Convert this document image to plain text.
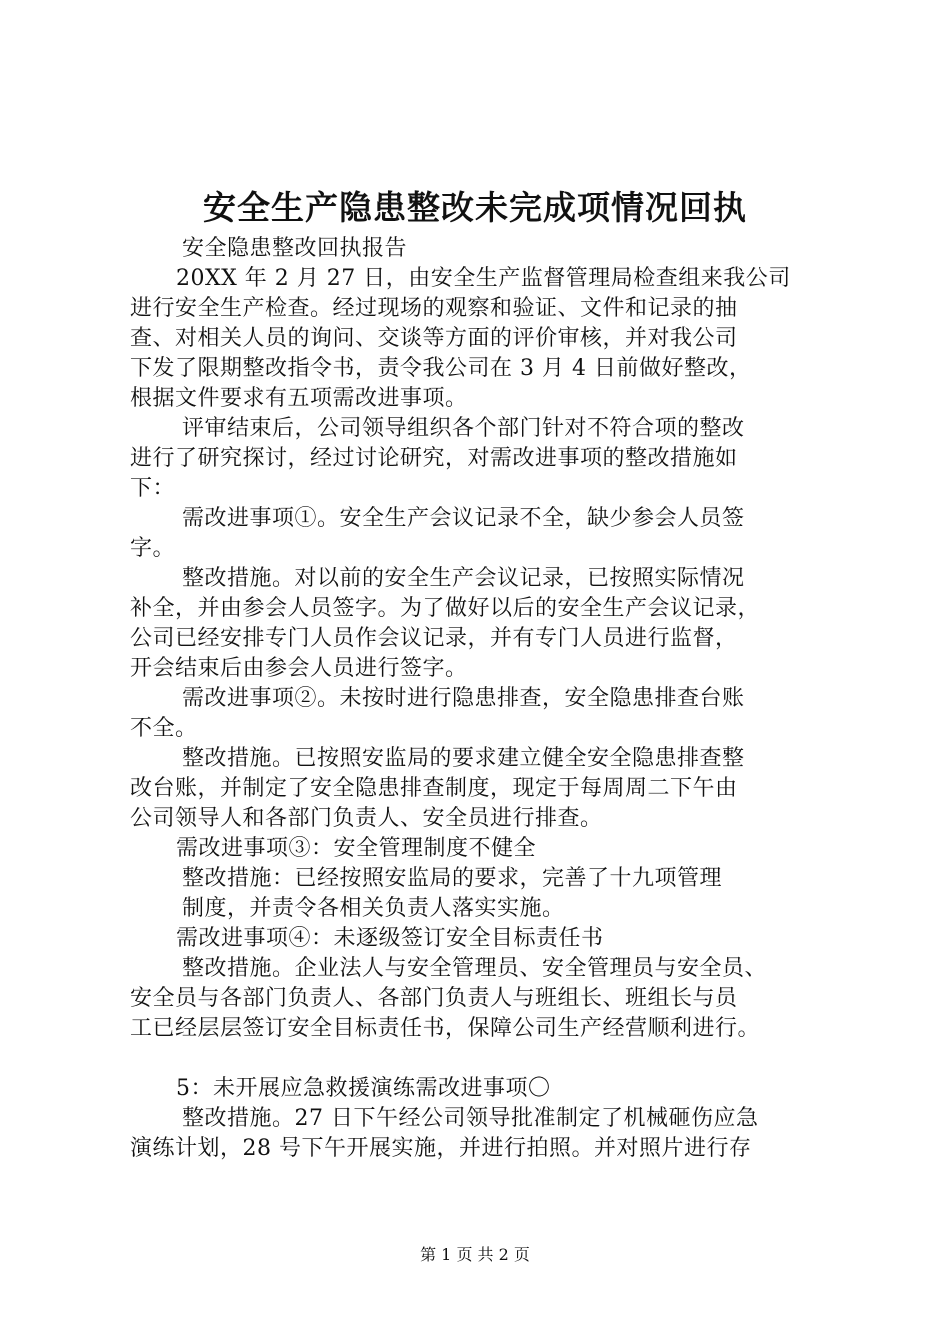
安全生产隐患整改未完成项情况回执
安全隐患整改回执报告
20XX 年 2 月 27 日，由安全生产监督管理局检查组来我公司
进行安全生产检查。经过现场的观察和验证、文件和记录的抽
查、对相关人员的询问、交谈等方面的评价审核，并对我公司
下发了限期整改指令书，责令我公司在 3 月 4 日前做好整改，
根据文件要求有五项需改进事项。
评审结束后，公司领导组织各个部门针对不符合项的整改
进行了研究探讨，经过讨论研究，对需改进事项的整改措施如
下：
需改进事项①。安全生产会议记录不全，缺少参会人员签
字。
整改措施。对以前的安全生产会议记录，已按照实际情况
补全，并由参会人员签字。为了做好以后的安全生产会议记录，
公司已经安排专门人员作会议记录，并有专门人员进行监督，
开会结束后由参会人员进行签字。
需改进事项②。未按时进行隐患排查，安全隐患排查台账
不全。
整改措施。已按照安监局的要求建立健全安全隐患排查整
改台账，并制定了安全隐患排查制度，现定于每周周二下午由
公司领导人和各部门负责人、安全员进行排查。
需改进事项③：安全管理制度不健全
整改措施：已经按照安监局的要求，完善了十九项管理
制度，并责令各相关负责人落实实施。
需改进事项④：未逐级签订安全目标责任书
整改措施。企业法人与安全管理员、安全管理员与安全员、
安全员与各部门负责人、各部门负责人与班组长、班组长与员
工已经层层签订安全目标责任书，保障公司生产经营顺利进行。
5：未开展应急救援演练需改进事项〇
整改措施。27 日下午经公司领导批准制定了机械砸伤应急
演练计划，28 号下午开展实施，并进行拍照。并对照片进行存
第 1 页 共 2 页
